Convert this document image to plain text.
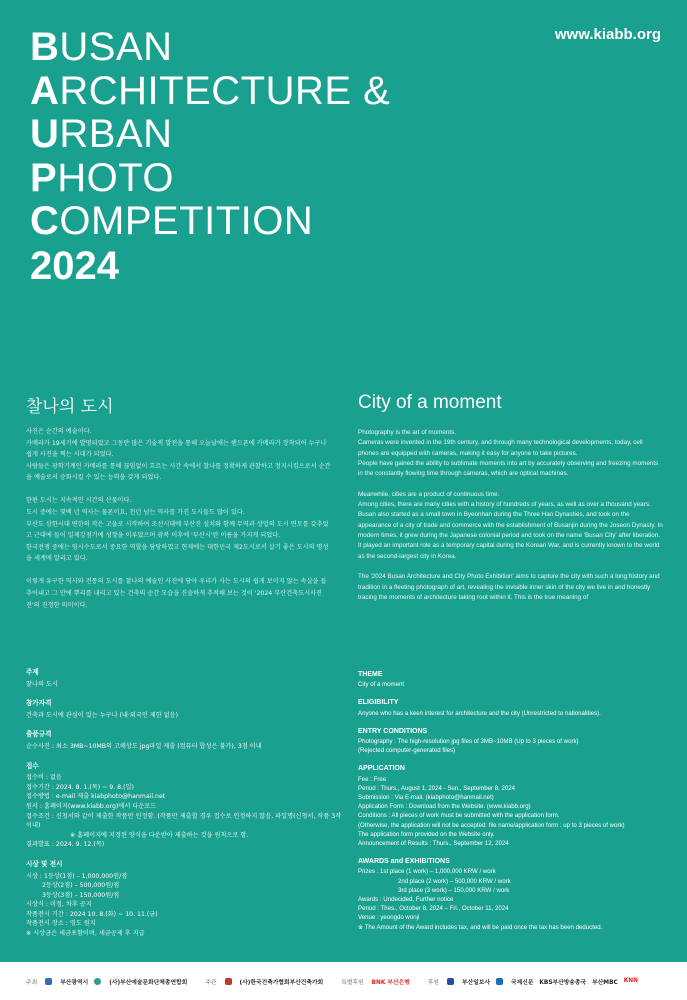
www.kiabb.org
BUSAN
ARCHITECTURE &
URBAN
PHOTO
COMPETITION
2024
찰나의 도시	City of a moment

사진은 순간의 예술이다.
카메라가 19세기에 발명되었고 그동안 많은 기술적 발전을 통해 오늘날에는 핸드폰에 카메라가 장착되어 누구나 쉽게 사진을 찍는 시대가 되었다.
사람들은 광학기계인 카메라를 통해 끊임없이 흐르는 시간 속에서 찰나를 정확하게 관찰하고 정지시킴으로서 순간을 예술로서 승화시킬 수 있는 능력을 갖게 되었다.

한편 도시는 지속적인 시간의 산물이다.
도시 중에는 몇백 년 역사는 물론이요, 천년 넘는 역사를 가진 도시들도 많이 있다.
부산도 삼한시대 변한의 작은 고을로 시작하여 조선시대에 부산진 설치와 함께 무역과 상업의 도시 면모를 갖추었고 근대에 들어 일제강점기에 성장을 이루었으며 광복 이후에 '부산시'란 이름을 가지게 되었다.
한국전쟁 중에는 임시수도로서 중요한 역할을 담당하였고 현재에는 대한민국 제2도시로서 살기 좋은 도시의 명성을 세계에 알리고 있다.

이렇게 유구한 역사와 전통의 도시를 찰나의 예술인 사진에 담아 우리가 사는 도시의 쉽게 보이지 않는 속살을 들추어내고 그 안에 뿌리를 내리고 있는 건축의 순간 모습을 진솔하게 추적해 보는 것이 '2024 부산건축도시사진전'의 진정한 의미이다.

Photography is the art of moments.
Cameras were invented in the 19th century, and through many technological developments, today, cell phones are equipped with cameras, making it easy for anyone to take pictures.
People have gained the ability to sublimate moments into art by accurately observing and freezing moments in the constantly flowing time through cameras, which are optical machines.

Meanwhile, cities are a product of continuous time.
Among cities, there are many cities with a history of hundreds of years, as well as over a thousand years.
Busan also started as a small town in Byeonhan during the Three Han Dynasties, and took on the appearance of a city of trade and commerce with the establishment of Busanjin during the Joseon Dynasty. In modern times, it grew during the Japanese colonial period and took on the name 'Busan City' after liberation.
It played an important role as a temporary capital during the Korean War, and is currently known to the world as the second-largest city in Korea.

The '2024 Busan Architecture and City Photo Exhibition' aims to capture the city with such a long history and tradition in a fleeting photograph of art, revealing the invisible inner skin of the city we live in and honestly tracing the moments of architecture taking root within it. This is the true meaning of

주제
찰나의 도시
참가자격
건축과 도시에 관심이 있는 누구나 (내·외국인 제한 없음)
출품규격
순수사진 : 최소 3MB~10MB의 고해상도 jpg파일 제출 (컴퓨터 합성은 불가), 3점 이내
접수
접수비 : 없음
접수기간 : 2024. 8. 1.(목) ~ 9. 8.(일)
접수방법 : e-mail 제출 kiabphoto@hanmail.net
원서 : 홈페이지(www.kiabb.org)에서 다운로드
접수조건 : 신청서와 같이 제출한 작품만 인정함. (작품만 제출할 경우 접수로 인정하지 않음, 파일명(신청서, 작품 3작 이내)
※ 홈페이지에 지정된 양식을 다운받아 제출하는 것을 원칙으로 함.
결과발표 : 2024. 9. 12.(목)
시상 및 전시
시상 : 1등상(1점) – 1,000,000원/점
2등상(2점) – 500,000원/점
3등상(3점) – 150,000원/점
시상식 : 미정, 차후 공지
작품전시 기간 : 2024 10. 8.(화) ~ 10. 11.(금)
작품전시 장소 : 영도 원지
※ 시상금은 세금포함이며, 세금공제 후 지급
THEME
City of a moment
ELIGIBILITY
Anyone who has a keen interest for architecture and the city (Unrestricted to nationalities).
ENTRY CONDITIONS
Photography : The high-resolution jpg files of 3MB~10MB (Up to 3 pieces of work)
(Rejected computer-generated files)
APPLICATION
Fee : Free
Period : Thurs., August 1, 2024 - Sun., September 8, 2024
Submission : Via E-mail. (kiabphoto@hanmail.net)
Application Form : Download from the Website. (www.kiabb.org)
Conditions : All pieces of work must be submitted with the application form.
(Otherwise, the application will not be accepted: file name/application form : up to 3 pieces of work)
The application form provided on the Website only.
Announcement of Results : Thurs., September 12, 2024
AWARDS and EXHIBITIONS
Prizes : 1st place (1 work) – 1,000,000 KRW / work
2nd place (2 work) – 500,000 KRW / work
3rd place (3 work) – 150,000 KRW / work
Awards : Undecided, Further notice
Period : Thes., October 8, 2024 – Fri., October 11, 2024
Venue : yeongdo wonji
※ The Amount of the Award includes tax, and will be paid once the tax has been deducted.
주최	부산광역시	(사)부산예술문화단체총연합회	주관	(사)한국건축가협회부산건축가회	특별후원 BNK 부산은행	후원	부산일보사	국제신문 KBS부산방송총국 부산MBC KNN
